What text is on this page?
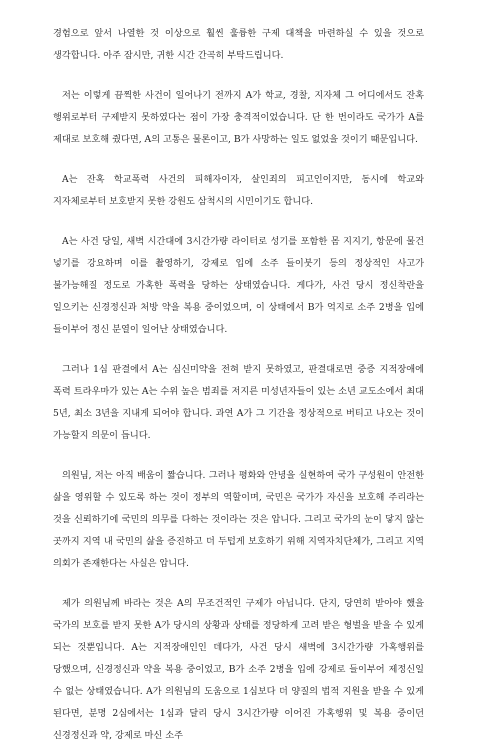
경험으로 앞서 나열한 것 이상으로 훨씬 훌륭한 구제 대책을 마련하실 수 있을 것으로 생각합니다. 아주 잠시만, 귀한 시간 간곡히 부탁드립니다.

저는 이렇게 끔찍한 사건이 일어나기 전까지 A가 학교, 경찰, 지자체 그 어디에서도 잔혹 행위로부터 구제받지 못하였다는 점이 가장 충격적이었습니다. 단 한 번이라도 국가가 A를 제대로 보호해 줬다면, A의 고통은 물론이고, B가 사망하는 일도 없었을 것이기 때문입니다.

A는 잔혹 학교폭력 사건의 피해자이자, 살인죄의 피고인이지만, 동시에 학교와 지자체로부터 보호받지 못한 강원도 삼척시의 시민이기도 합니다.

A는 사건 당일, 새벽 시간대에 3시간가량 라이터로 성기를 포함한 몸 지지기, 항문에 물건 넣기를 강요하며 이를 촬영하기, 강제로 입에 소주 들이붓기 등의 정상적인 사고가 불가능해질 정도로 가혹한 폭력을 당하는 상태였습니다. 게다가, 사건 당시 정신착란을 일으키는 신경정신과 처방 약을 복용 중이었으며, 이 상태에서 B가 억지로 소주 2병을 입에 들이부어 정신 분열이 일어난 상태였습니다.

그러나 1심 판결에서 A는 심신미약을 전혀 받지 못하였고, 판결대로면 중증 지적장애에 폭력 트라우마가 있는 A는 수위 높은 범죄를 저지른 미성년자들이 있는 소년 교도소에서 최대 5년, 최소 3년을 지내게 되어야 합니다. 과연 A가 그 기간을 정상적으로 버티고 나오는 것이 가능할지 의문이 듭니다.

의원님, 저는 아직 배움이 짧습니다. 그러나 평화와 안녕을 실현하여 국가 구성원이 안전한 삶을 영위할 수 있도록 하는 것이 정부의 역할이며, 국민은 국가가 자신을 보호해 주리라는 것을 신뢰하기에 국민의 의무를 다하는 것이라는 것은 압니다. 그리고 국가의 눈이 닿지 않는 곳까지 지역 내 국민의 삶을 증진하고 더 두텁게 보호하기 위해 지역자치단체가, 그리고 지역 의회가 존재한다는 사실은 압니다.

제가 의원님께 바라는 것은 A의 무조건적인 구제가 아닙니다. 단지, 당연히 받아야 했을 국가의 보호를 받지 못한 A가 당시의 상황과 상태를 정당하게 고려 받은 형벌을 받을 수 있게 되는 것뿐입니다. A는 지적장애인인 데다가, 사건 당시 새벽에 3시간가량 가혹행위를 당했으며, 신경정신과 약을 복용 중이었고, B가 소주 2병을 입에 강제로 들이부어 제정신일 수 없는 상태였습니다. A가 의원님의 도움으로 1심보다 더 양질의 법적 지원을 받을 수 있게 된다면, 분명 2심에서는 1심과 달리 당시 3시간가량 이어진 가혹행위 및 복용 중이던 신경정신과 약, 강제로 마신 소주
